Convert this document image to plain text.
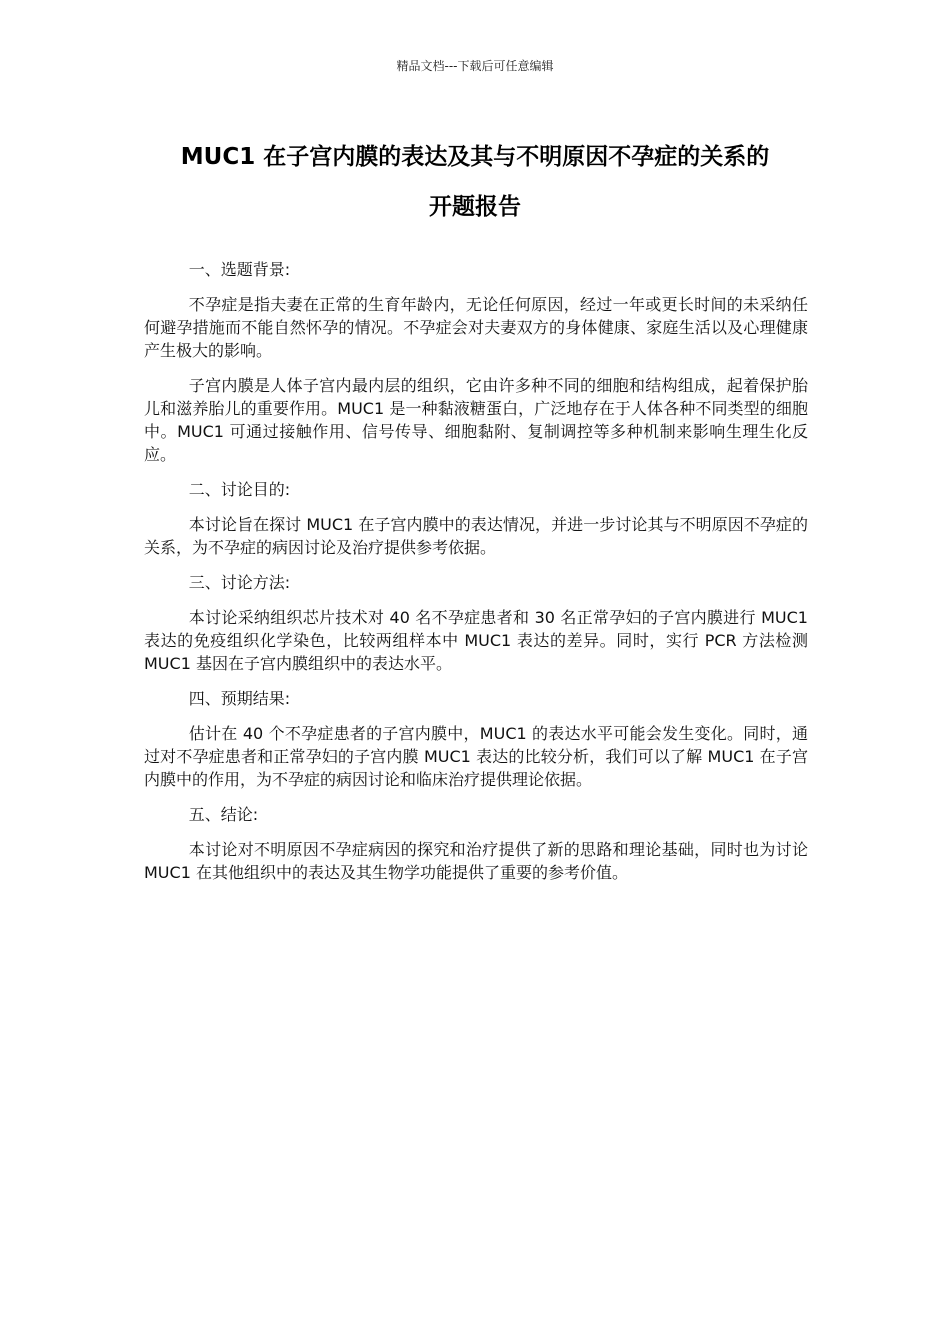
精品文档---下载后可任意编辑
MUC1 在子宫内膜的表达及其与不明原因不孕症的关系的
开题报告
一、选题背景:
不孕症是指夫妻在正常的生育年龄内，无论任何原因，经过一年或更长时间的未采纳任何避孕措施而不能自然怀孕的情况。不孕症会对夫妻双方的身体健康、家庭生活以及心理健康产生极大的影响。
子宫内膜是人体子宫内最内层的组织，它由许多种不同的细胞和结构组成，起着保护胎儿和滋养胎儿的重要作用。MUC1 是一种黏液糖蛋白，广泛地存在于人体各种不同类型的细胞中。MUC1 可通过接触作用、信号传导、细胞黏附、复制调控等多种机制来影响生理生化反应。
二、讨论目的:
本讨论旨在探讨 MUC1 在子宫内膜中的表达情况，并进一步讨论其与不明原因不孕症的关系，为不孕症的病因讨论及治疗提供参考依据。
三、讨论方法:
本讨论采纳组织芯片技术对 40 名不孕症患者和 30 名正常孕妇的子宫内膜进行 MUC1 表达的免疫组织化学染色，比较两组样本中 MUC1 表达的差异。同时，实行 PCR 方法检测 MUC1 基因在子宫内膜组织中的表达水平。
四、预期结果:
估计在 40 个不孕症患者的子宫内膜中，MUC1 的表达水平可能会发生变化。同时，通过对不孕症患者和正常孕妇的子宫内膜 MUC1 表达的比较分析，我们可以了解 MUC1 在子宫内膜中的作用，为不孕症的病因讨论和临床治疗提供理论依据。
五、结论:
本讨论对不明原因不孕症病因的探究和治疗提供了新的思路和理论基础，同时也为讨论 MUC1 在其他组织中的表达及其生物学功能提供了重要的参考价值。
